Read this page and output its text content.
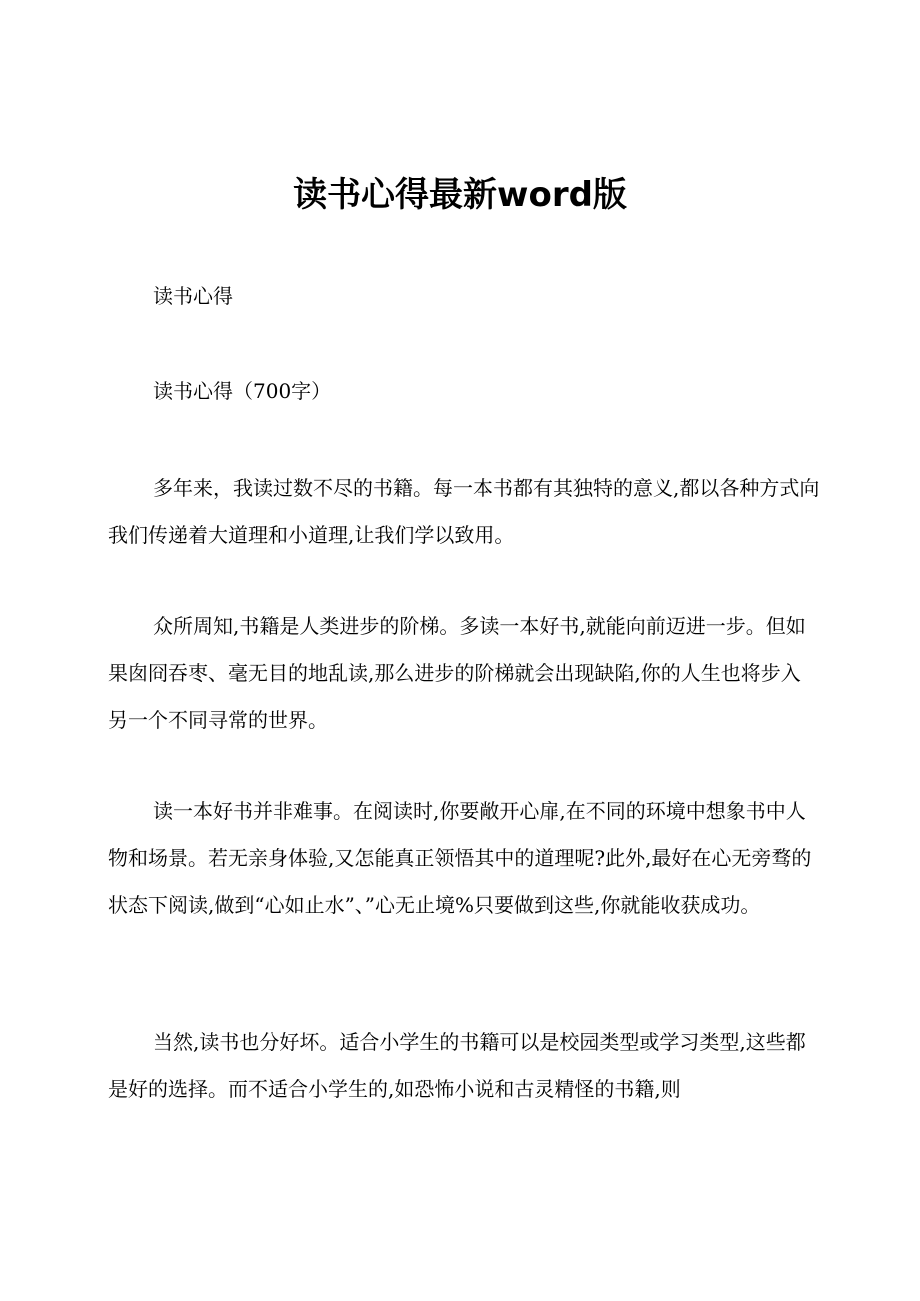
读书心得最新word版
读书心得
读书心得（700字）
多年来，我读过数不尽的书籍。每一本书都有其独特的意义,都以各种方式向我们传递着大道理和小道理,让我们学以致用。
众所周知,书籍是人类进步的阶梯。多读一本好书,就能向前迈进一步。但如果囱冏吞枣、毫无目的地乱读,那么进步的阶梯就会出现缺陷,你的人生也将步入另一个不同寻常的世界。
读一本好书并非难事。在阅读时,你要敞开心扉,在不同的环境中想象书中人物和场景。若无亲身体验,又怎能真正领悟其中的道理呢?此外,最好在心无旁骛的状态下阅读,做到“心如止水”、”心无止境%只要做到这些,你就能收获成功。
当然,读书也分好坏。适合小学生的书籍可以是校园类型或学习类型,这些都是好的选择。而不适合小学生的,如恐怖小说和古灵精怪的书籍,则
